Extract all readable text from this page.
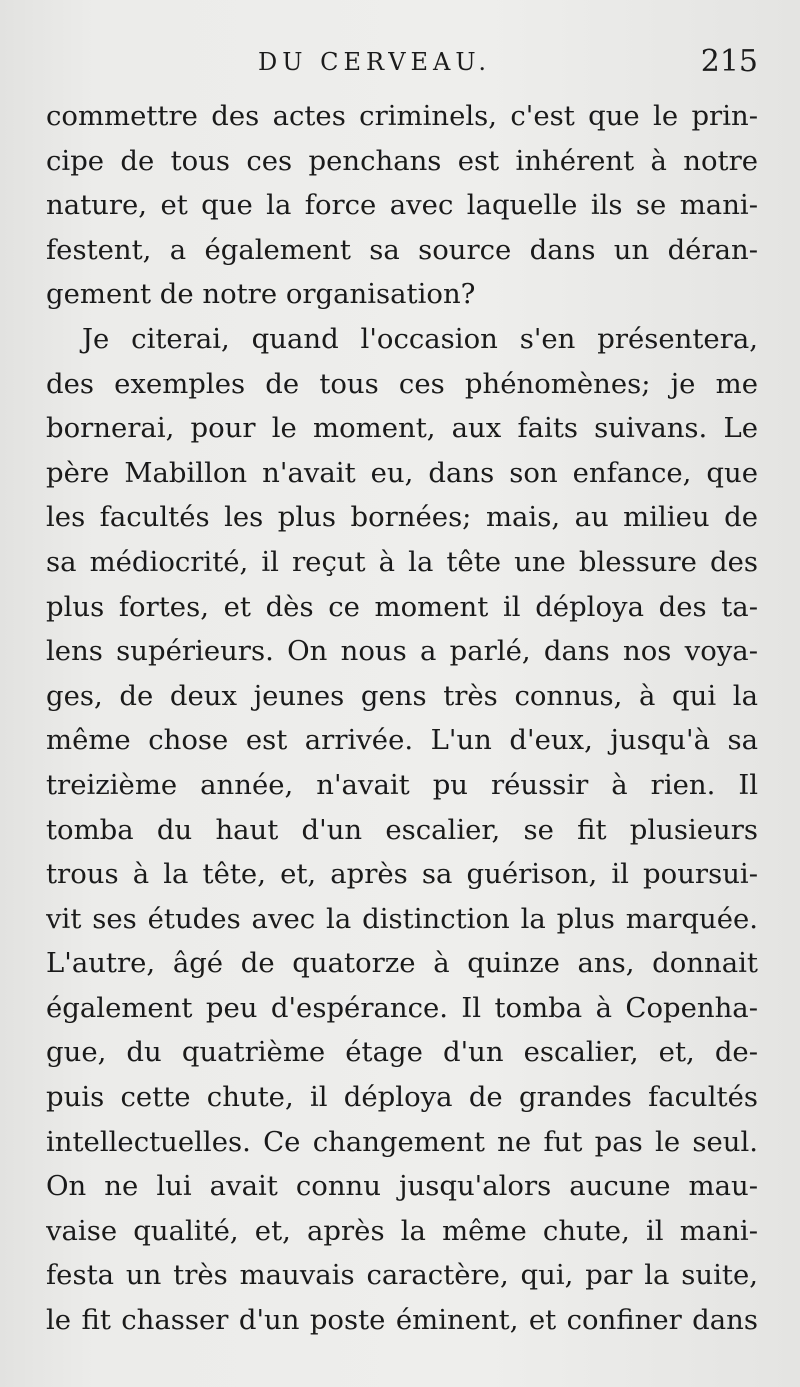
DU CERVEAU.	215
commettre des actes criminels, c'est que le prin-
cipe de tous ces penchans est inhérent à notre
nature, et que la force avec laquelle ils se mani-
festent, a également sa source dans un déran-
gement de notre organisation?
Je citerai, quand l'occasion s'en présentera,
des exemples de tous ces phénomènes; je me
bornerai, pour le moment, aux faits suivans. Le
père Mabillon n'avait eu, dans son enfance, que
les facultés les plus bornées; mais, au milieu de
sa médiocrité, il reçut à la tête une blessure des
plus fortes, et dès ce moment il déploya des ta-
lens supérieurs. On nous a parlé, dans nos voya-
ges, de deux jeunes gens très connus, à qui la
même chose est arrivée. L'un d'eux, jusqu'à sa
treizième année, n'avait pu réussir à rien. Il
tomba du haut d'un escalier, se fit plusieurs
trous à la tête, et, après sa guérison, il poursui-
vit ses études avec la distinction la plus marquée.
L'autre, âgé de quatorze à quinze ans, donnait
également peu d'espérance. Il tomba à Copenha-
gue, du quatrième étage d'un escalier, et, de-
puis cette chute, il déploya de grandes facultés
intellectuelles. Ce changement ne fut pas le seul.
On ne lui avait connu jusqu'alors aucune mau-
vaise qualité, et, après la même chute, il mani-
festa un très mauvais caractère, qui, par la suite,
le fit chasser d'un poste éminent, et confiner dans
